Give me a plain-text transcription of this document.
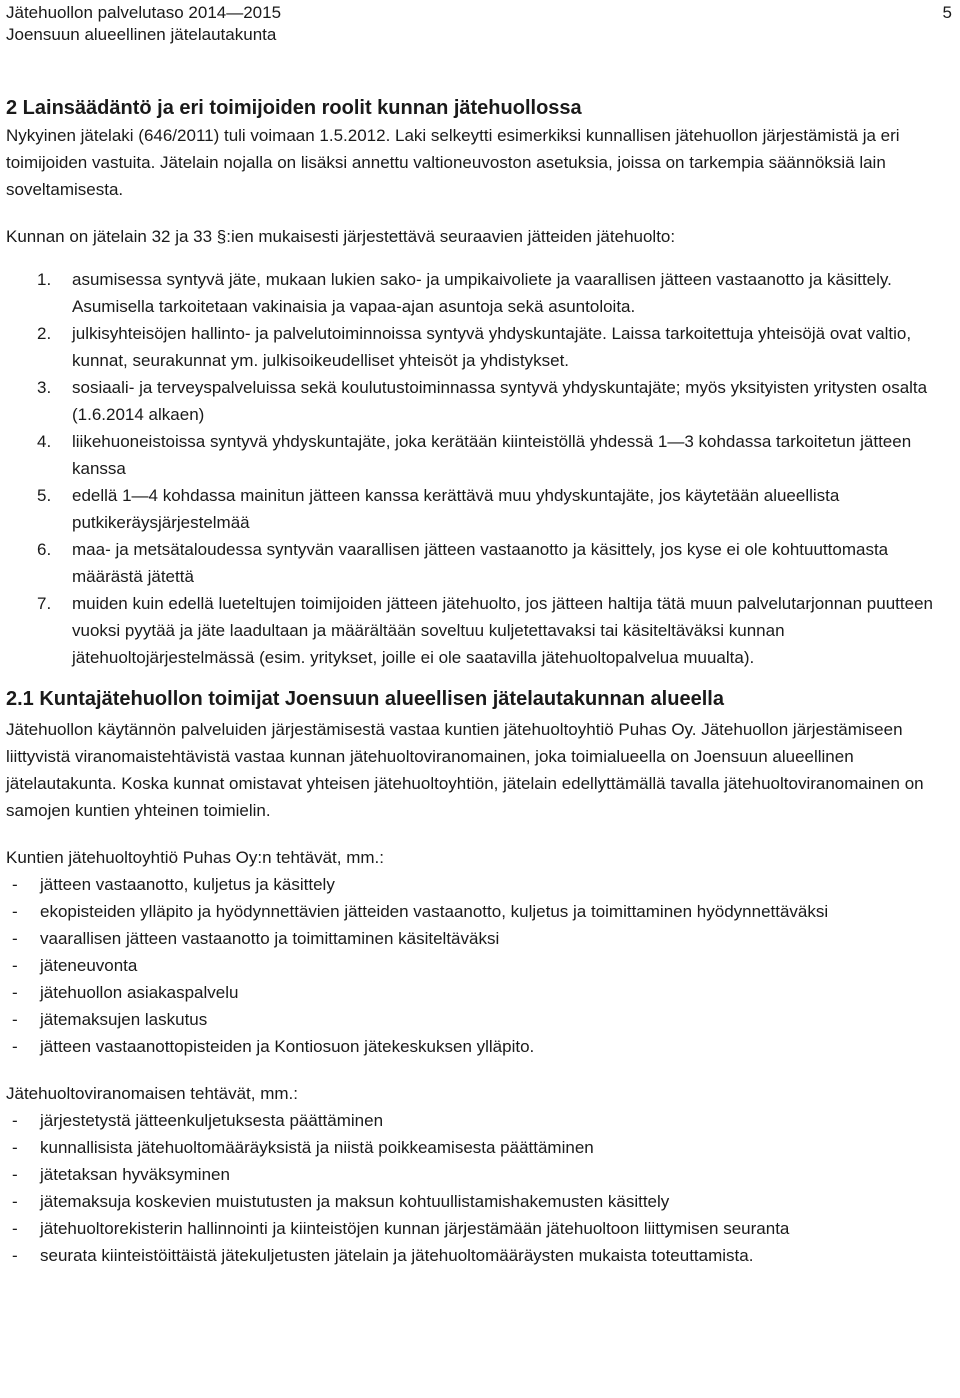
Jätehuollon palvelutaso 2014—2015
Joensuun alueellinen jätelautakunta
5
2 Lainsäädäntö ja eri toimijoiden roolit kunnan jätehuollossa

Nykyinen jätelaki (646/2011) tuli voimaan 1.5.2012. Laki selkeytti esimerkiksi kunnallisen jätehuollon järjestämistä ja eri toimijoiden vastuita. Jätelain nojalla on lisäksi annettu valtioneuvoston asetuksia, joissa on tarkempia säännöksiä lain soveltamisesta.

Kunnan on jätelain 32 ja 33 §:ien mukaisesti järjestettävä seuraavien jätteiden jätehuolto:

1. asumisessa syntyvä jäte, mukaan lukien sako- ja umpikaivoliete ja vaarallisen jätteen vastaanotto ja käsittely. Asumisella tarkoitetaan vakinaisia ja vapaa-ajan asuntoja sekä asuntoloita.
2. julkisyhteisöjen hallinto- ja palvelutoiminnoissa syntyvä yhdyskuntajäte. Laissa tarkoitettuja yhteisöjä ovat valtio, kunnat, seurakunnat ym. julkisoikeudelliset yhteisöt ja yhdistykset.
3. sosiaali- ja terveyspalveluissa sekä koulutustoiminnassa syntyvä yhdyskuntajäte; myös yksityisten yritysten osalta (1.6.2014 alkaen)
4. liikehuoneistoissa syntyvä yhdyskuntajäte, joka kerätään kiinteistöllä yhdessä 1—3 kohdassa tarkoitetun jätteen kanssa
5. edellä 1—4 kohdassa mainitun jätteen kanssa kerättävä muu yhdyskuntajäte, jos käytetään alueellista putkikeräysjärjestelmää
6. maa- ja metsätaloudessa syntyvän vaarallisen jätteen vastaanotto ja käsittely, jos kyse ei ole kohtuuttomasta määrästä jätettä
7. muiden kuin edellä lueteltujen toimijoiden jätteen jätehuolto, jos jätteen haltija tätä muun palvelutarjonnan puutteen vuoksi pyytää ja jäte laadultaan ja määrältään soveltuu kuljetettavaksi tai käsiteltäväksi kunnan jätehuoltojärjestelmässä (esim. yritykset, joille ei ole saatavilla jätehuoltopalvelua muualta).
2.1 Kuntajätehuollon toimijat Joensuun alueellisen jätelautakunnan alueella

Jätehuollon käytännön palveluiden järjestämisestä vastaa kuntien jätehuoltoyhtiö Puhas Oy. Jätehuollon järjestämiseen liittyvistä viranomaistehtävistä vastaa kunnan jätehuoltoviranomainen, joka toimialueella on Joensuun alueellinen jätelautakunta. Koska kunnat omistavat yhteisen jätehuoltoyhtiön, jätelain edellyttämällä tavalla jätehuoltoviranomainen on samojen kuntien yhteinen toimielin.

Kuntien jätehuoltoyhtiö Puhas Oy:n tehtävät, mm.:

- jätteen vastaanotto, kuljetus ja käsittely
- ekopisteiden ylläpito ja hyödynnettävien jätteiden vastaanotto, kuljetus ja toimittaminen hyödynnettäväksi
- vaarallisen jätteen vastaanotto ja toimittaminen käsiteltäväksi
- jäteneuvonta
- jätehuollon asiakaspalvelu
- jätemaksujen laskutus
- jätteen vastaanottopisteiden ja Kontiosuon jätekeskuksen ylläpito.

Jätehuoltoviranomaisen tehtävät, mm.:

- järjestetystä jätteenkuljetuksesta päättäminen
- kunnallisista jätehuoltomääräyksistä ja niistä poikkeamisesta päättäminen
- jätetaksan hyväksyminen
- jätemaksuja koskevien muistutusten ja maksun kohtuullistamishakemusten käsittely
- jätehuoltorekisterin hallinnointi ja kiinteistöjen kunnan järjestämään jätehuoltoon liittymisen seuranta
- seurata kiinteistöittäistä jätekuljetusten jätelain ja jätehuoltomääräysten mukaista toteuttamista.
